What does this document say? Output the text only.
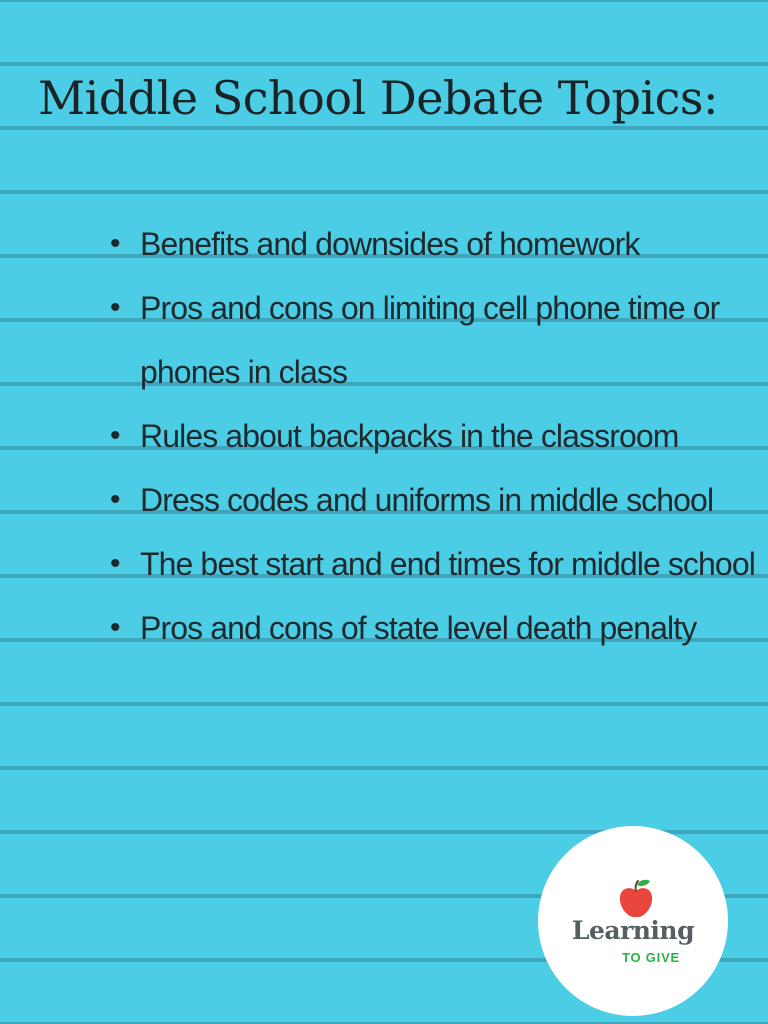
Middle School Debate Topics:
• Benefits and downsides of homework
• Pros and cons on limiting cell phone time or phones in class
• Rules about backpacks in the classroom
• Dress codes and uniforms in middle school
• The best start and end times for middle school
• Pros and cons of state level death penalty
Learning
TO GIVE
